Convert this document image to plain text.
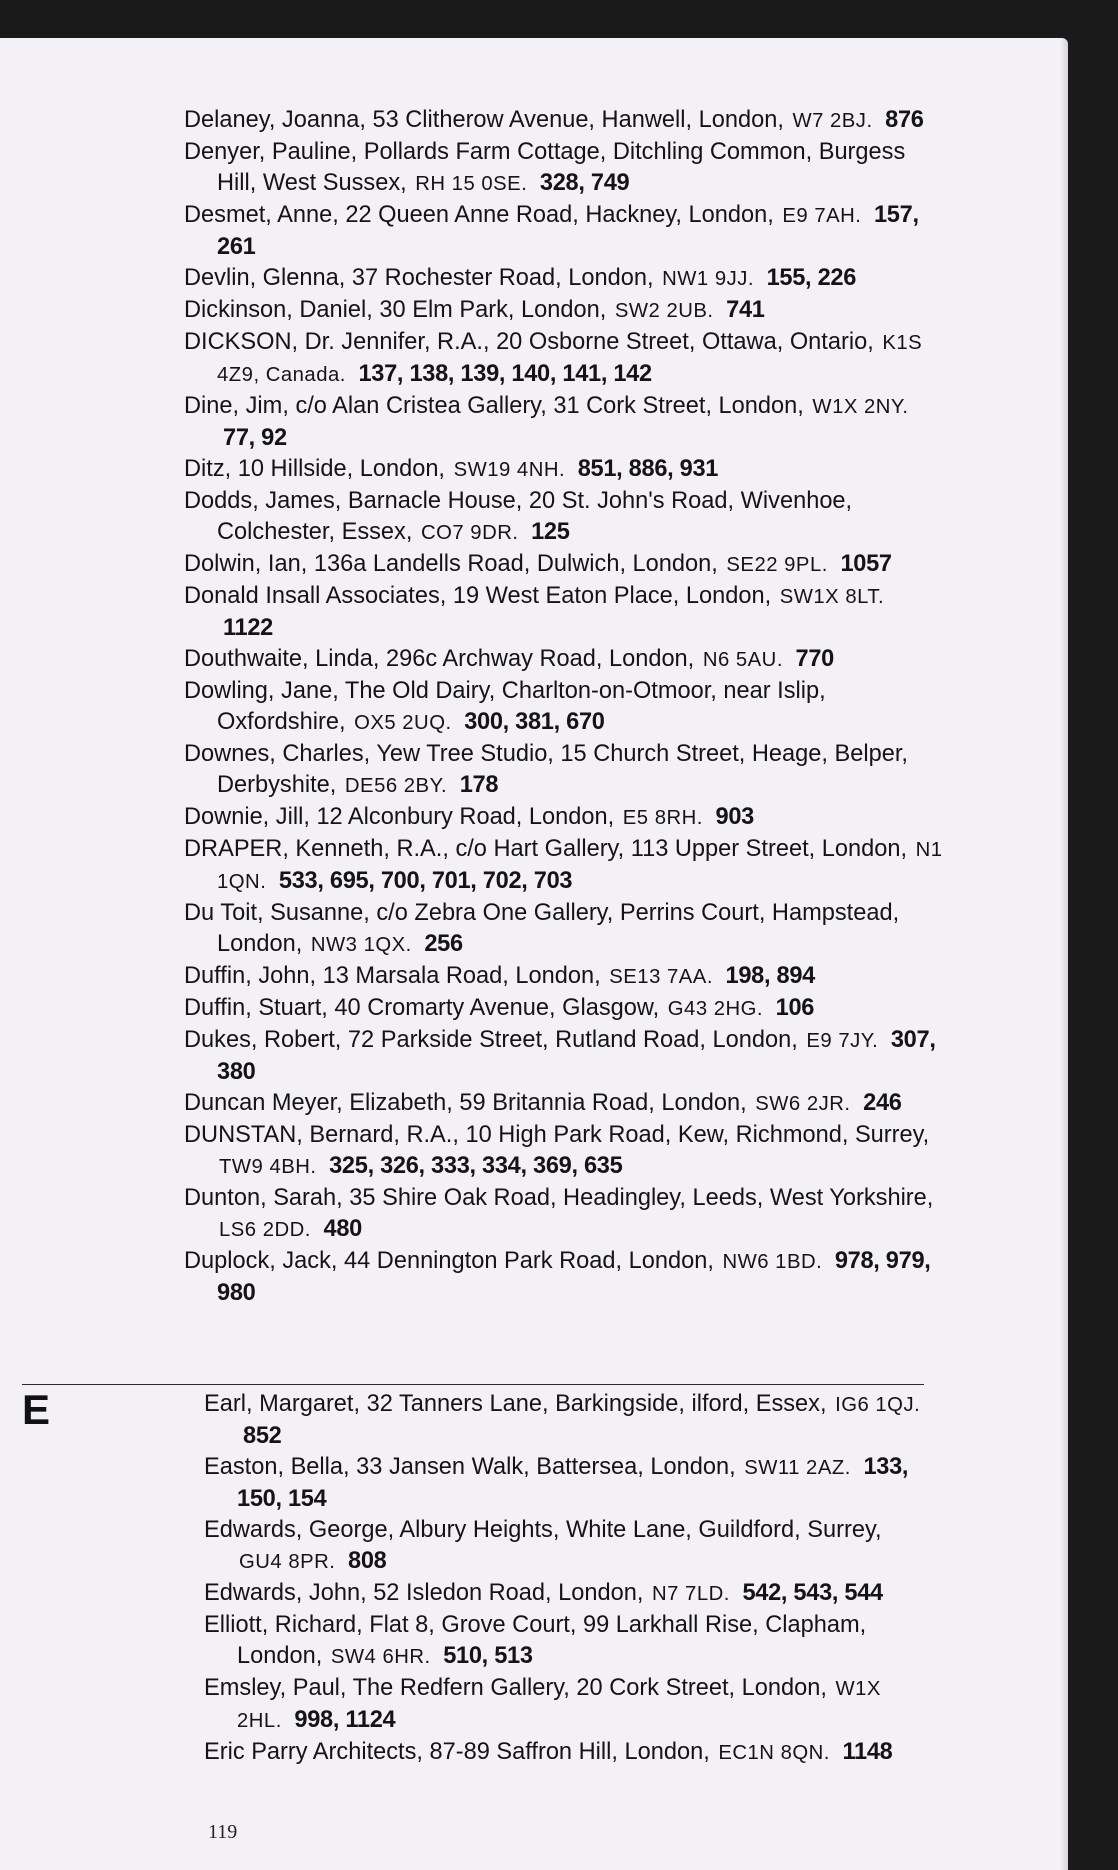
Delaney, Joanna, 53 Clitherow Avenue, Hanwell, London, W7 2BJ. 876
Denyer, Pauline, Pollards Farm Cottage, Ditchling Common, Burgess Hill, West Sussex, RH 15 0SE. 328, 749
Desmet, Anne, 22 Queen Anne Road, Hackney, London, E9 7AH. 157, 261
Devlin, Glenna, 37 Rochester Road, London, NW1 9JJ. 155, 226
Dickinson, Daniel, 30 Elm Park, London, SW2 2UB. 741
DICKSON, Dr. Jennifer, R.A., 20 Osborne Street, Ottawa, Ontario, K1S 4Z9, Canada. 137, 138, 139, 140, 141, 142
Dine, Jim, c/o Alan Cristea Gallery, 31 Cork Street, London, W1X 2NY. 77, 92
Ditz, 10 Hillside, London, SW19 4NH. 851, 886, 931
Dodds, James, Barnacle House, 20 St. John's Road, Wivenhoe, Colchester, Essex, CO7 9DR. 125
Dolwin, Ian, 136a Landells Road, Dulwich, London, SE22 9PL. 1057
Donald Insall Associates, 19 West Eaton Place, London, SW1X 8LT. 1122
Douthwaite, Linda, 296c Archway Road, London, N6 5AU. 770
Dowling, Jane, The Old Dairy, Charlton-on-Otmoor, near Islip, Oxfordshire, OX5 2UQ. 300, 381, 670
Downes, Charles, Yew Tree Studio, 15 Church Street, Heage, Belper, Derbyshite, DE56 2BY. 178
Downie, Jill, 12 Alconbury Road, London, E5 8RH. 903
DRAPER, Kenneth, R.A., c/o Hart Gallery, 113 Upper Street, London, N1 1QN. 533, 695, 700, 701, 702, 703
Du Toit, Susanne, c/o Zebra One Gallery, Perrins Court, Hampstead, London, NW3 1QX. 256
Duffin, John, 13 Marsala Road, London, SE13 7AA. 198, 894
Duffin, Stuart, 40 Cromarty Avenue, Glasgow, G43 2HG. 106
Dukes, Robert, 72 Parkside Street, Rutland Road, London, E9 7JY. 307, 380
Duncan Meyer, Elizabeth, 59 Britannia Road, London, SW6 2JR. 246
DUNSTAN, Bernard, R.A., 10 High Park Road, Kew, Richmond, Surrey, TW9 4BH. 325, 326, 333, 334, 369, 635
Dunton, Sarah, 35 Shire Oak Road, Headingley, Leeds, West Yorkshire, LS6 2DD. 480
Duplock, Jack, 44 Dennington Park Road, London, NW6 1BD. 978, 979, 980
E	Earl, Margaret, 32 Tanners Lane, Barkingside, ilford, Essex, IG6 1QJ. 852
Easton, Bella, 33 Jansen Walk, Battersea, London, SW11 2AZ. 133, 150, 154
Edwards, George, Albury Heights, White Lane, Guildford, Surrey, GU4 8PR. 808
Edwards, John, 52 Isledon Road, London, N7 7LD. 542, 543, 544
Elliott, Richard, Flat 8, Grove Court, 99 Larkhall Rise, Clapham, London, SW4 6HR. 510, 513
Emsley, Paul, The Redfern Gallery, 20 Cork Street, London, W1X 2HL. 998, 1124
Eric Parry Architects, 87-89 Saffron Hill, London, EC1N 8QN. 1148
119
